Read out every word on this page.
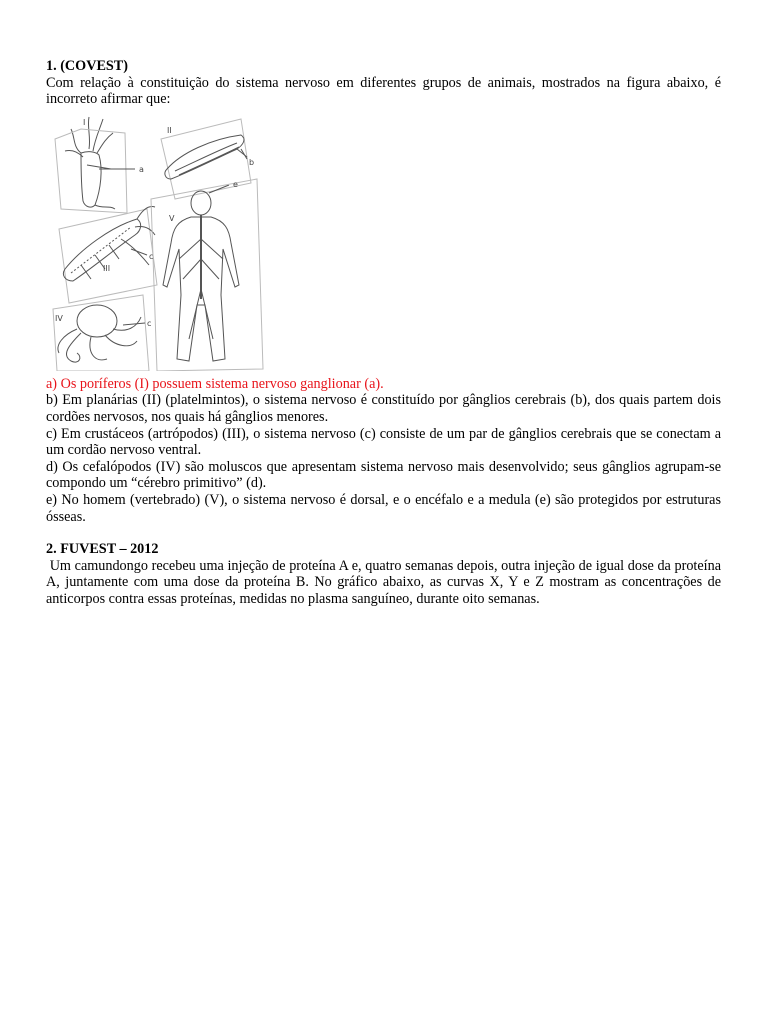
1. (COVEST)

Com relação à constituição do sistema nervoso em diferentes grupos de animais, mostrados na figura abaixo, é incorreto afirmar que:

I
II
III
IV
V
a
b
c
c
e

a) Os poríferos (I) possuem sistema nervoso ganglionar (a).

b) Em planárias (II) (platelmintos), o sistema nervoso é constituído por gânglios cerebrais (b), dos quais partem dois cordões nervosos, nos quais há gânglios menores.

c) Em crustáceos (artrópodos) (III), o sistema nervoso (c) consiste de um par de gânglios cerebrais que se conectam a um cordão nervoso ventral.

d) Os cefalópodos (IV) são moluscos que apresentam sistema nervoso mais desenvolvido; seus gânglios agrupam-se compondo um “cérebro primitivo” (d).

e) No homem (vertebrado) (V), o sistema nervoso é dorsal, e o encéfalo e a medula (e) são protegidos por estruturas ósseas.

2. FUVEST – 2012

Um camundongo recebeu uma injeção de proteína A e, quatro semanas depois, outra injeção de igual dose da proteína A, juntamente com uma dose da proteína B. No gráfico abaixo, as curvas X, Y e Z mostram as concentrações de anticorpos contra essas proteínas, medidas no plasma sanguíneo, durante oito semanas.
